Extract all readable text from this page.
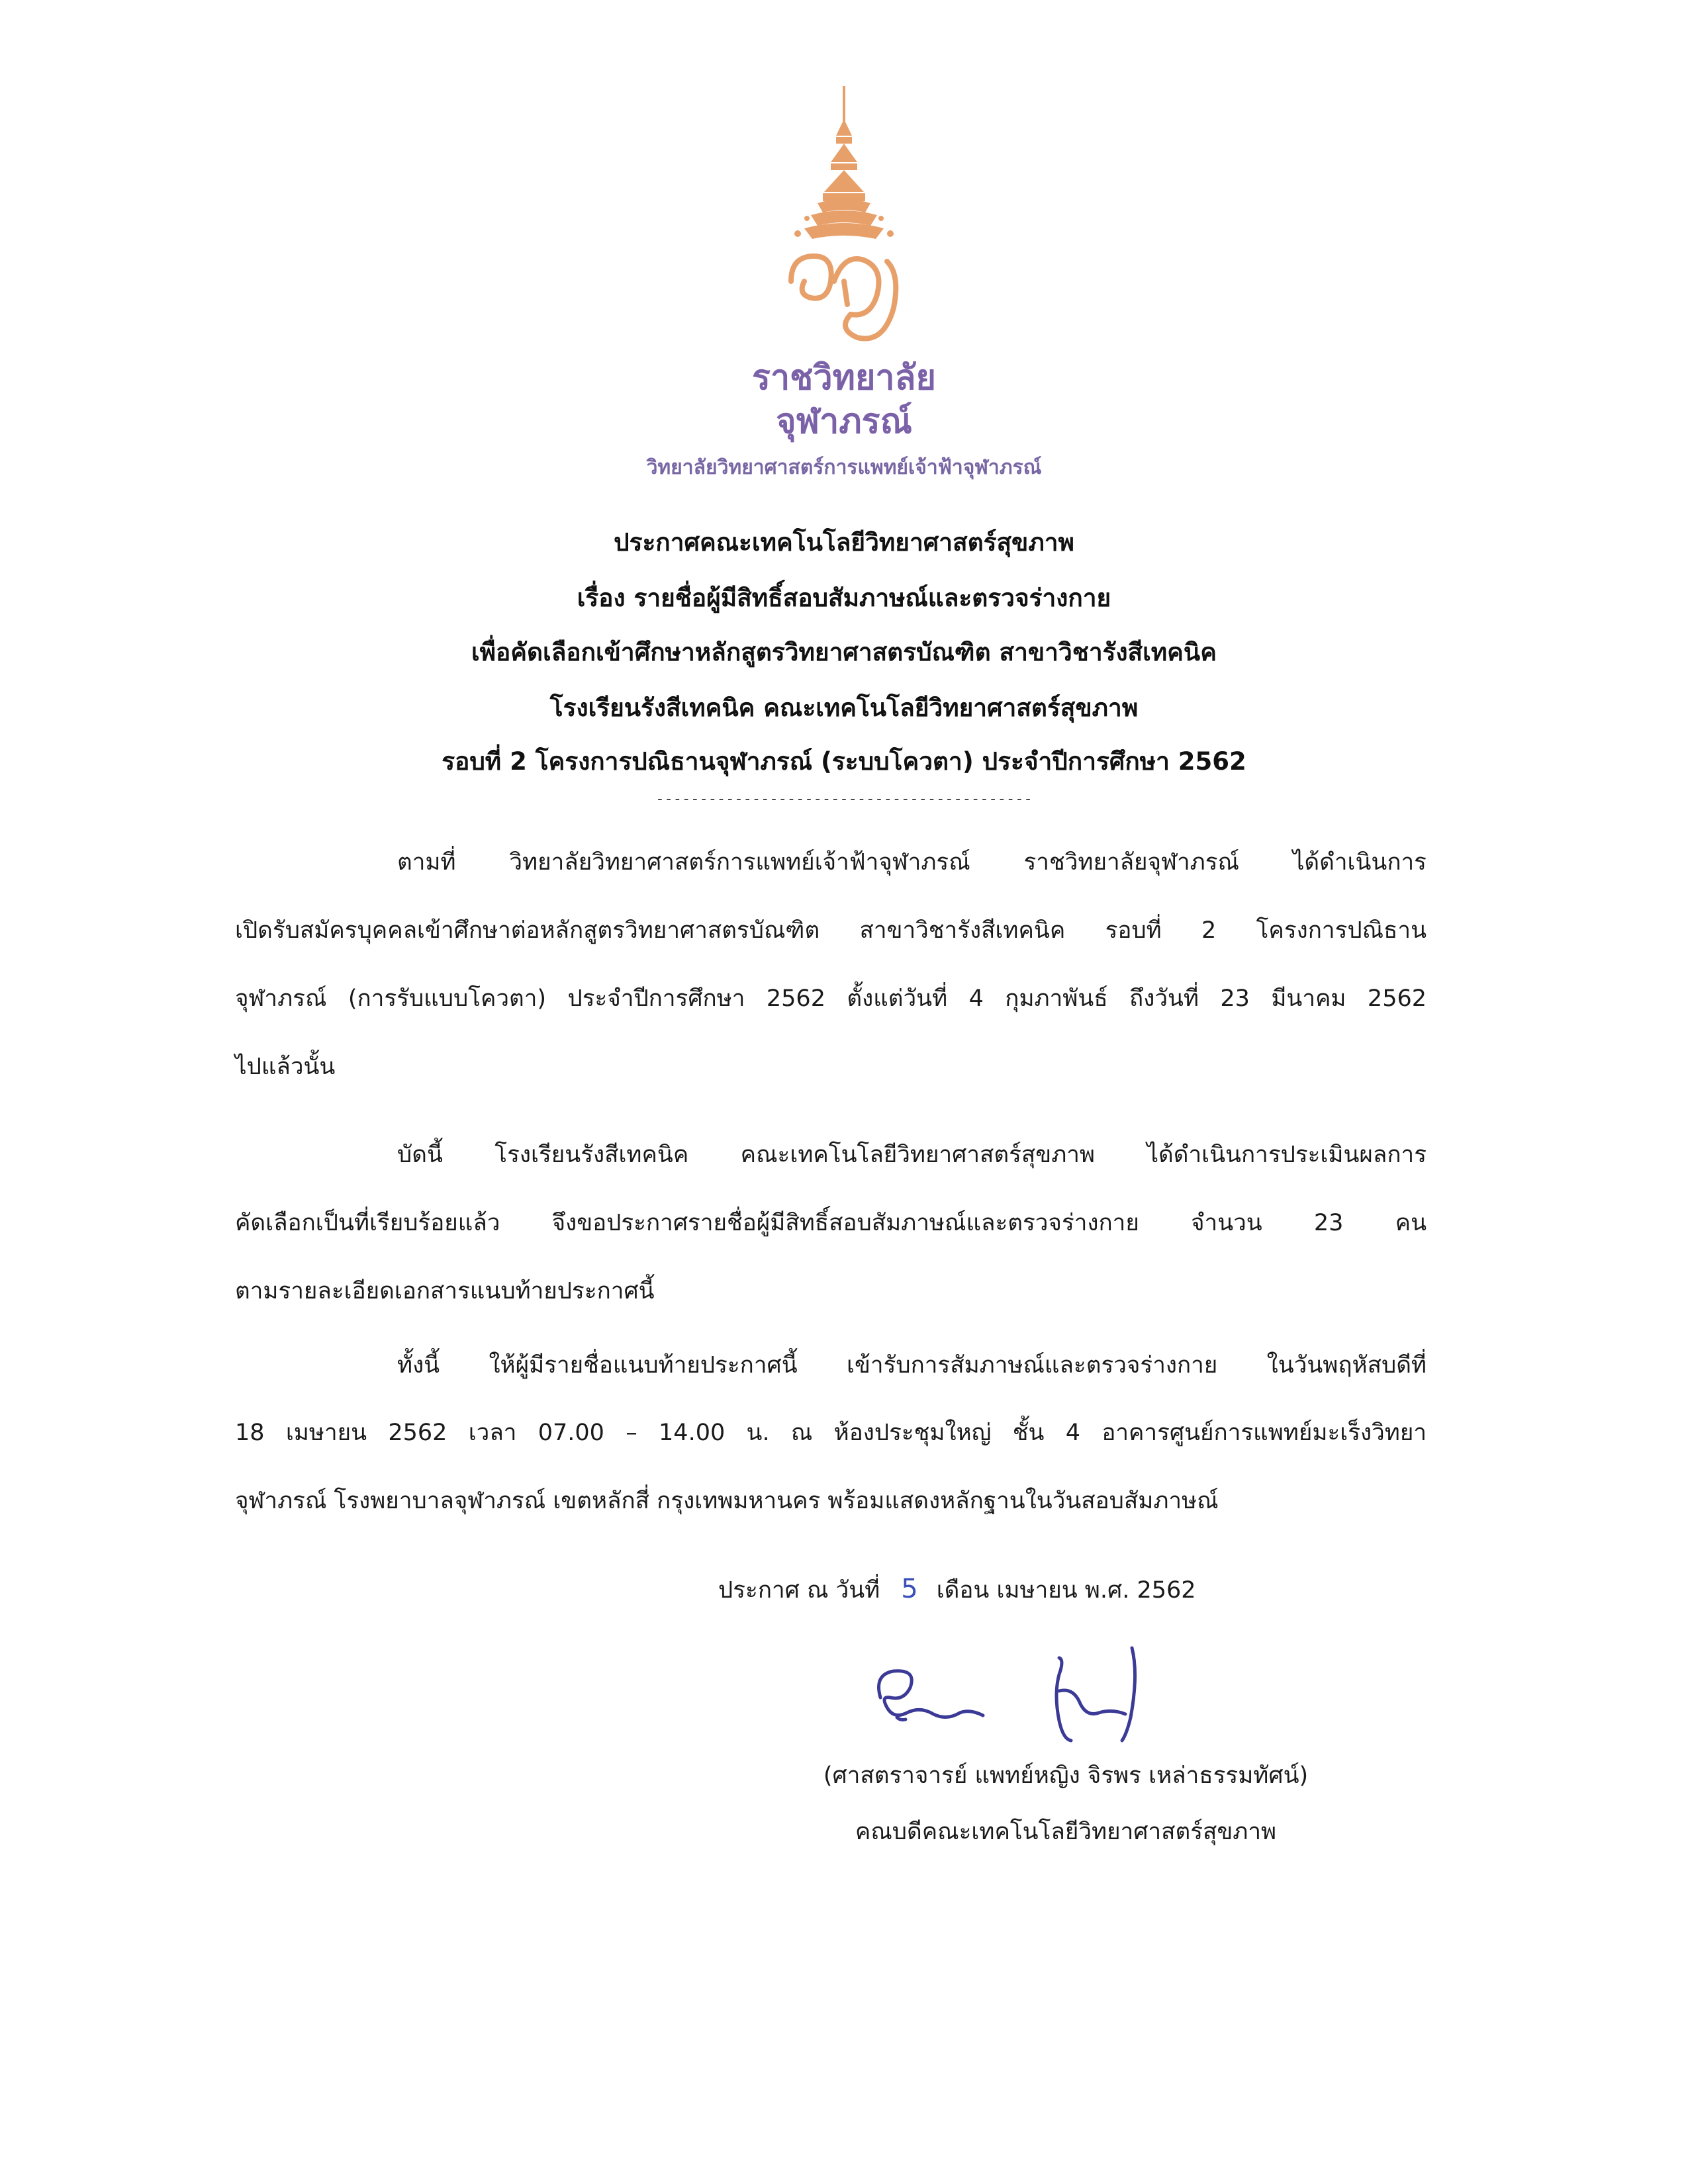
ราชวิทยาลัย
จุฬาภรณ์
วิทยาลัยวิทยาศาสตร์การแพทย์เจ้าฟ้าจุฬาภรณ์
ประกาศคณะเทคโนโลยีวิทยาศาสตร์สุขภาพ
เรื่อง รายชื่อผู้มีสิทธิ์สอบสัมภาษณ์และตรวจร่างกาย
เพื่อคัดเลือกเข้าศึกษาหลักสูตรวิทยาศาสตรบัณฑิต สาขาวิชารังสีเทคนิค
โรงเรียนรังสีเทคนิค คณะเทคโนโลยีวิทยาศาสตร์สุขภาพ
รอบที่ 2 โครงการปณิธานจุฬาภรณ์ (ระบบโควตา) ประจำปีการศึกษา 2562
-------------------------------------------
ตามที่ วิทยาลัยวิทยาศาสตร์การแพทย์เจ้าฟ้าจุฬาภรณ์ ราชวิทยาลัยจุฬาภรณ์ ได้ดำเนินการ
เปิดรับสมัครบุคคลเข้าศึกษาต่อหลักสูตรวิทยาศาสตรบัณฑิต สาขาวิชารังสีเทคนิค รอบที่ 2 โครงการปณิธาน
จุฬาภรณ์ (การรับแบบโควตา) ประจำปีการศึกษา 2562 ตั้งแต่วันที่ 4 กุมภาพันธ์ ถึงวันที่ 23 มีนาคม 2562
ไปแล้วนั้น
บัดนี้ โรงเรียนรังสีเทคนิค คณะเทคโนโลยีวิทยาศาสตร์สุขภาพ ได้ดำเนินการประเมินผลการ
คัดเลือกเป็นที่เรียบร้อยแล้ว จึงขอประกาศรายชื่อผู้มีสิทธิ์สอบสัมภาษณ์และตรวจร่างกาย จำนวน 23 คน
ตามรายละเอียดเอกสารแนบท้ายประกาศนี้
ทั้งนี้ ให้ผู้มีรายชื่อแนบท้ายประกาศนี้ เข้ารับการสัมภาษณ์และตรวจร่างกาย ในวันพฤหัสบดีที่
18 เมษายน 2562 เวลา 07.00 – 14.00 น. ณ ห้องประชุมใหญ่ ชั้น 4 อาคารศูนย์การแพทย์มะเร็งวิทยา
จุฬาภรณ์ โรงพยาบาลจุฬาภรณ์ เขตหลักสี่ กรุงเทพมหานคร พร้อมแสดงหลักฐานในวันสอบสัมภาษณ์
ประกาศ ณ วันที่ 5 เดือน เมษายน พ.ศ. 2562
(ศาสตราจารย์ แพทย์หญิง จิรพร เหล่าธรรมทัศน์)
คณบดีคณะเทคโนโลยีวิทยาศาสตร์สุขภาพ
